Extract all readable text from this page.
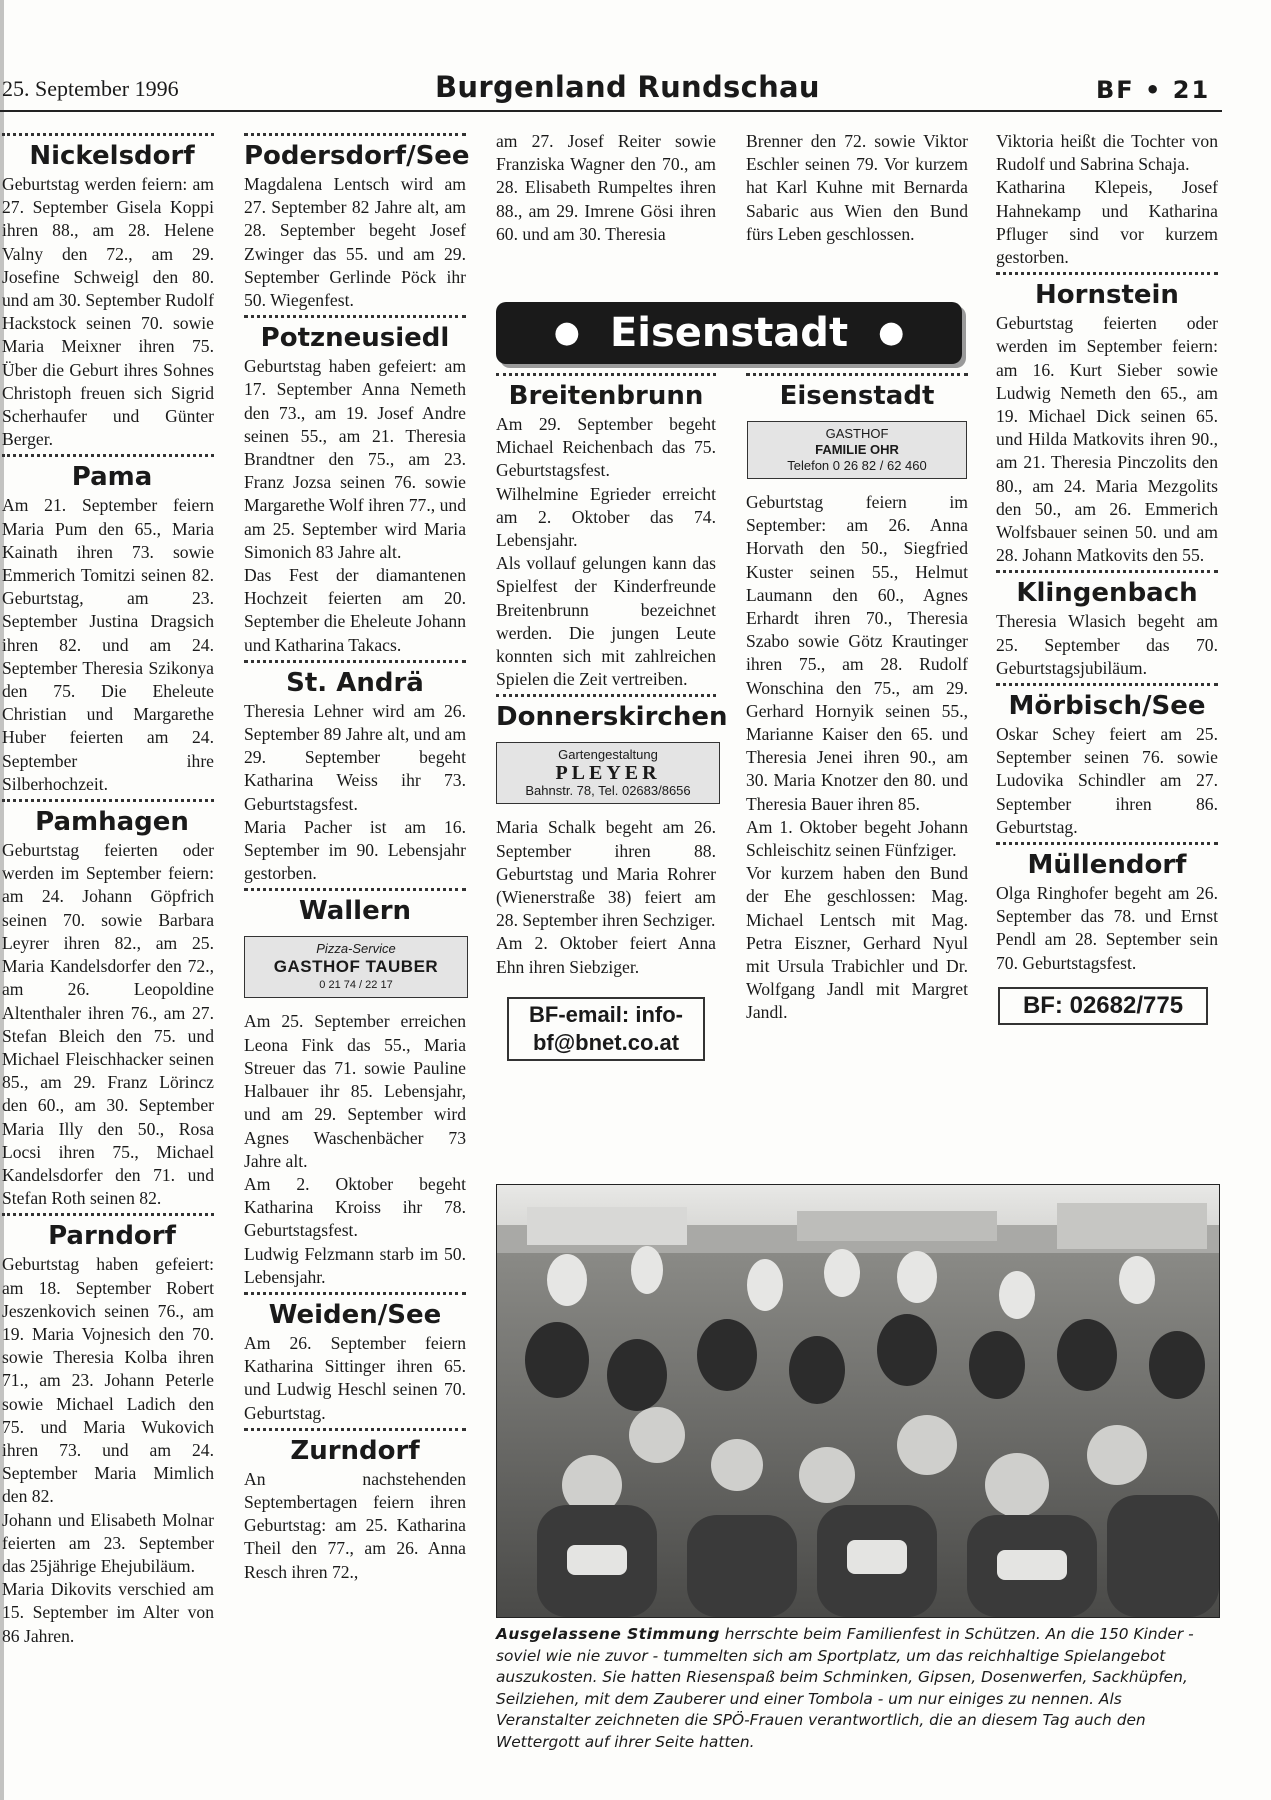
25. September 1996	Burgenland Rundschau	BF • 21
Nickelsdorf

Geburtstag werden feiern: am 27. September Gisela Koppi ihren 88., am 28. Helene Valny den 72., am 29. Josefine Schweigl den 80. und am 30. September Rudolf Hackstock seinen 70. sowie Maria Meixner ihren 75. Über die Geburt ihres Sohnes Christoph freuen sich Sigrid Scherhaufer und Günter Berger.

Pama

Am 21. September feiern Maria Pum den 65., Maria Kainath ihren 73. sowie Emmerich Tomitzi seinen 82. Geburtstag, am 23. September Justina Dragsich ihren 82. und am 24. September Theresia Szikonya den 75. Die Eheleute Christian und Margarethe Huber feierten am 24. September ihre Silberhochzeit.

Pamhagen

Geburtstag feierten oder werden im September feiern: am 24. Johann Göpfrich seinen 70. sowie Barbara Leyrer ihren 82., am 25. Maria Kandelsdorfer den 72., am 26. Leopoldine Altenthaler ihren 76., am 27. Stefan Bleich den 75. und Michael Fleischhacker seinen 85., am 29. Franz Lörincz den 60., am 30. September Maria Illy den 50., Rosa Locsi ihren 75., Michael Kandelsdorfer den 71. und Stefan Roth seinen 82.

Parndorf

Geburtstag haben gefeiert: am 18. September Robert Jeszenkovich seinen 76., am 19. Maria Vojnesich den 70. sowie Theresia Kolba ihren 71., am 23. Johann Peterle sowie Michael Ladich den 75. und Maria Wukovich ihren 73. und am 24. September Maria Mimlich den 82.

Johann und Elisabeth Molnar feierten am 23. September das 25jährige Ehejubiläum.

Maria Dikovits verschied am 15. September im Alter von 86 Jahren.

Podersdorf/See

Magdalena Lentsch wird am 27. September 82 Jahre alt, am 28. September begeht Josef Zwinger das 55. und am 29. September Gerlinde Pöck ihr 50. Wiegenfest.

Potzneusiedl

Geburtstag haben gefeiert: am 17. September Anna Nemeth den 73., am 19. Josef Andre seinen 55., am 21. Theresia Brandtner den 75., am 23. Franz Jozsa seinen 76. sowie Margarethe Wolf ihren 77., und am 25. September wird Maria Simonich 83 Jahre alt.

Das Fest der diamantenen Hochzeit feierten am 20. September die Eheleute Johann und Katharina Takacs.

St. Andrä

Theresia Lehner wird am 26. September 89 Jahre alt, und am 29. September begeht Katharina Weiss ihr 73. Geburtstagsfest.

Maria Pacher ist am 16. September im 90. Lebensjahr gestorben.

Wallern
Pizza-Service
GASTHOF TAUBER
0 21 74 / 22 17

Am 25. September erreichen Leona Fink das 55., Maria Streuer das 71. sowie Pauline Halbauer ihr 85. Lebensjahr, und am 29. September wird Agnes Waschenbächer 73 Jahre alt.

Am 2. Oktober begeht Katharina Kroiss ihr 78. Geburtstagsfest.

Ludwig Felzmann starb im 50. Lebensjahr.

Weiden/See

Am 26. September feiern Katharina Sittinger ihren 65. und Ludwig Heschl seinen 70. Geburtstag.

Zurndorf

An nachstehenden Septembertagen feiern ihren Geburtstag: am 25. Katharina Theil den 77., am 26. Anna Resch ihren 72.,

am 27. Josef Reiter sowie Franziska Wagner den 70., am 28. Elisabeth Rumpeltes ihren 88., am 29. Imrene Gösi ihren 60. und am 30. Theresia

Breitenbrunn

Am 29. September begeht Michael Reichenbach das 75. Geburtstagsfest.

Wilhelmine Egrieder erreicht am 2. Oktober das 74. Lebensjahr.

Als vollauf gelungen kann das Spielfest der Kinderfreunde Breitenbrunn bezeichnet werden. Die jungen Leute konnten sich mit zahlreichen Spielen die Zeit vertreiben.

Donnerskirchen
Gartengestaltung
PLEYER
Bahnstr. 78, Tel. 02683/8656

Maria Schalk begeht am 26. September ihren 88. Geburtstag und Maria Rohrer (Wienerstraße 38) feiert am 28. September ihren Sechziger.

Am 2. Oktober feiert Anna Ehn ihren Siebziger.

BF-email: info-bf@bnet.co.at
● Eisenstadt ●

Brenner den 72. sowie Viktor Eschler seinen 79. Vor kurzem hat Karl Kuhne mit Bernarda Sabaric aus Wien den Bund fürs Leben geschlossen.

Eisenstadt
GASTHOF
FAMILIE OHR
Telefon 0 26 82 / 62 460

Geburtstag feiern im September: am 26. Anna Horvath den 50., Siegfried Kuster seinen 55., Helmut Laumann den 60., Agnes Erhardt ihren 70., Theresia Szabo sowie Götz Krautinger ihren 75., am 28. Rudolf Wonschina den 75., am 29. Gerhard Hornyik seinen 55., Marianne Kaiser den 65. und Theresia Jenei ihren 90., am 30. Maria Knotzer den 80. und Theresia Bauer ihren 85.

Am 1. Oktober begeht Johann Schleischitz seinen Fünfziger.

Vor kurzem haben den Bund der Ehe geschlossen: Mag. Michael Lentsch mit Mag. Petra Eiszner, Gerhard Nyul mit Ursula Trabichler und Dr. Wolfgang Jandl mit Margret Jandl.

Viktoria heißt die Tochter von Rudolf und Sabrina Schaja.

Katharina Klepeis, Josef Hahnekamp und Katharina Pfluger sind vor kurzem gestorben.

Hornstein

Geburtstag feierten oder werden im September feiern: am 16. Kurt Sieber sowie Ludwig Nemeth den 65., am 19. Michael Dick seinen 65. und Hilda Matkovits ihren 90., am 21. Theresia Pinczolits den 80., am 24. Maria Mezgolits den 50., am 26. Emmerich Wolfsbauer seinen 50. und am 28. Johann Matkovits den 55.

Klingenbach

Theresia Wlasich begeht am 25. September das 70. Geburtstagsjubiläum.

Mörbisch/See

Oskar Schey feiert am 25. September seinen 76. sowie Ludovika Schindler am 27. September ihren 86. Geburtstag.

Müllendorf

Olga Ringhofer begeht am 26. September das 78. und Ernst Pendl am 28. September sein 70. Geburtstagsfest.

BF: 02682/775
Ausgelassene Stimmung herrschte beim Familienfest in Schützen. An die 150 Kinder - soviel wie nie zuvor - tummelten sich am Sportplatz, um das reichhaltige Spielangebot auszukosten. Sie hatten Riesenspaß beim Schminken, Gipsen, Dosenwerfen, Sackhüpfen, Seilziehen, mit dem Zauberer und einer Tombola - um nur einiges zu nennen. Als Veranstalter zeichneten die SPÖ-Frauen verantwortlich, die an diesem Tag auch den Wettergott auf ihrer Seite hatten.
